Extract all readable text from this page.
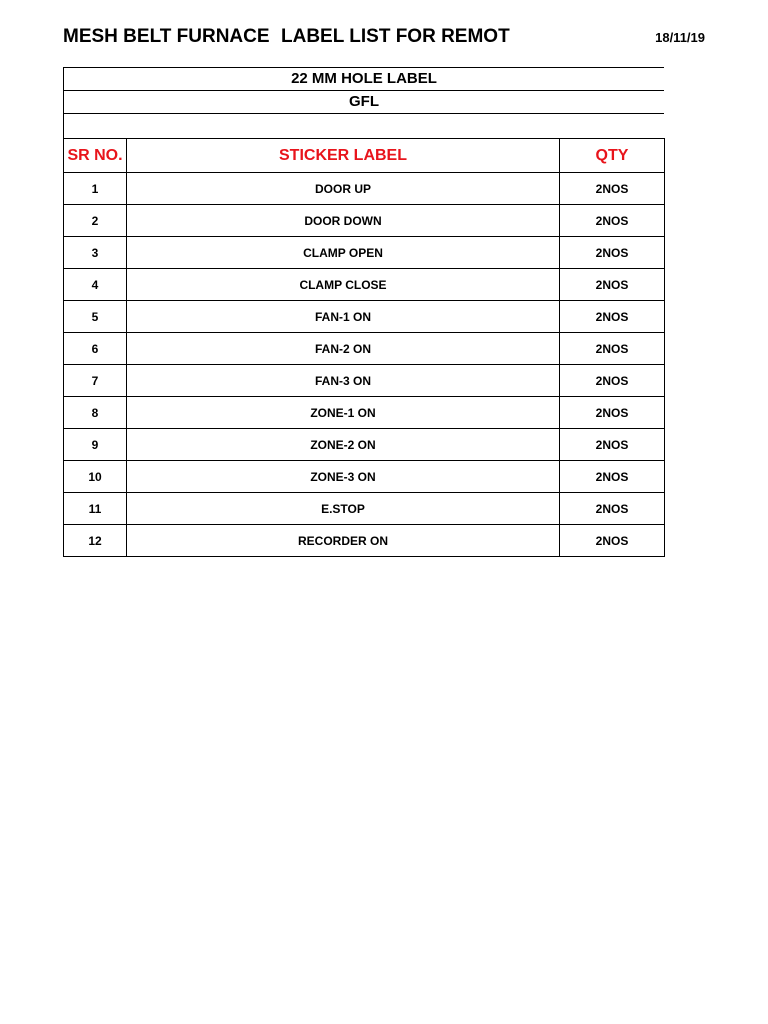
MESH BELT FURNACE LABEL LIST FOR REMOT	18/11/19
22 MM HOLE LABEL
GFL
SR NO.	STICKER LABEL	QTY
1	DOOR UP	2NOS
2	DOOR DOWN	2NOS
3	CLAMP OPEN	2NOS
4	CLAMP CLOSE	2NOS
5	FAN-1 ON	2NOS
6	FAN-2 ON	2NOS
7	FAN-3 ON	2NOS
8	ZONE-1 ON	2NOS
9	ZONE-2 ON	2NOS
10	ZONE-3 ON	2NOS
11	E.STOP	2NOS
12	RECORDER ON	2NOS
